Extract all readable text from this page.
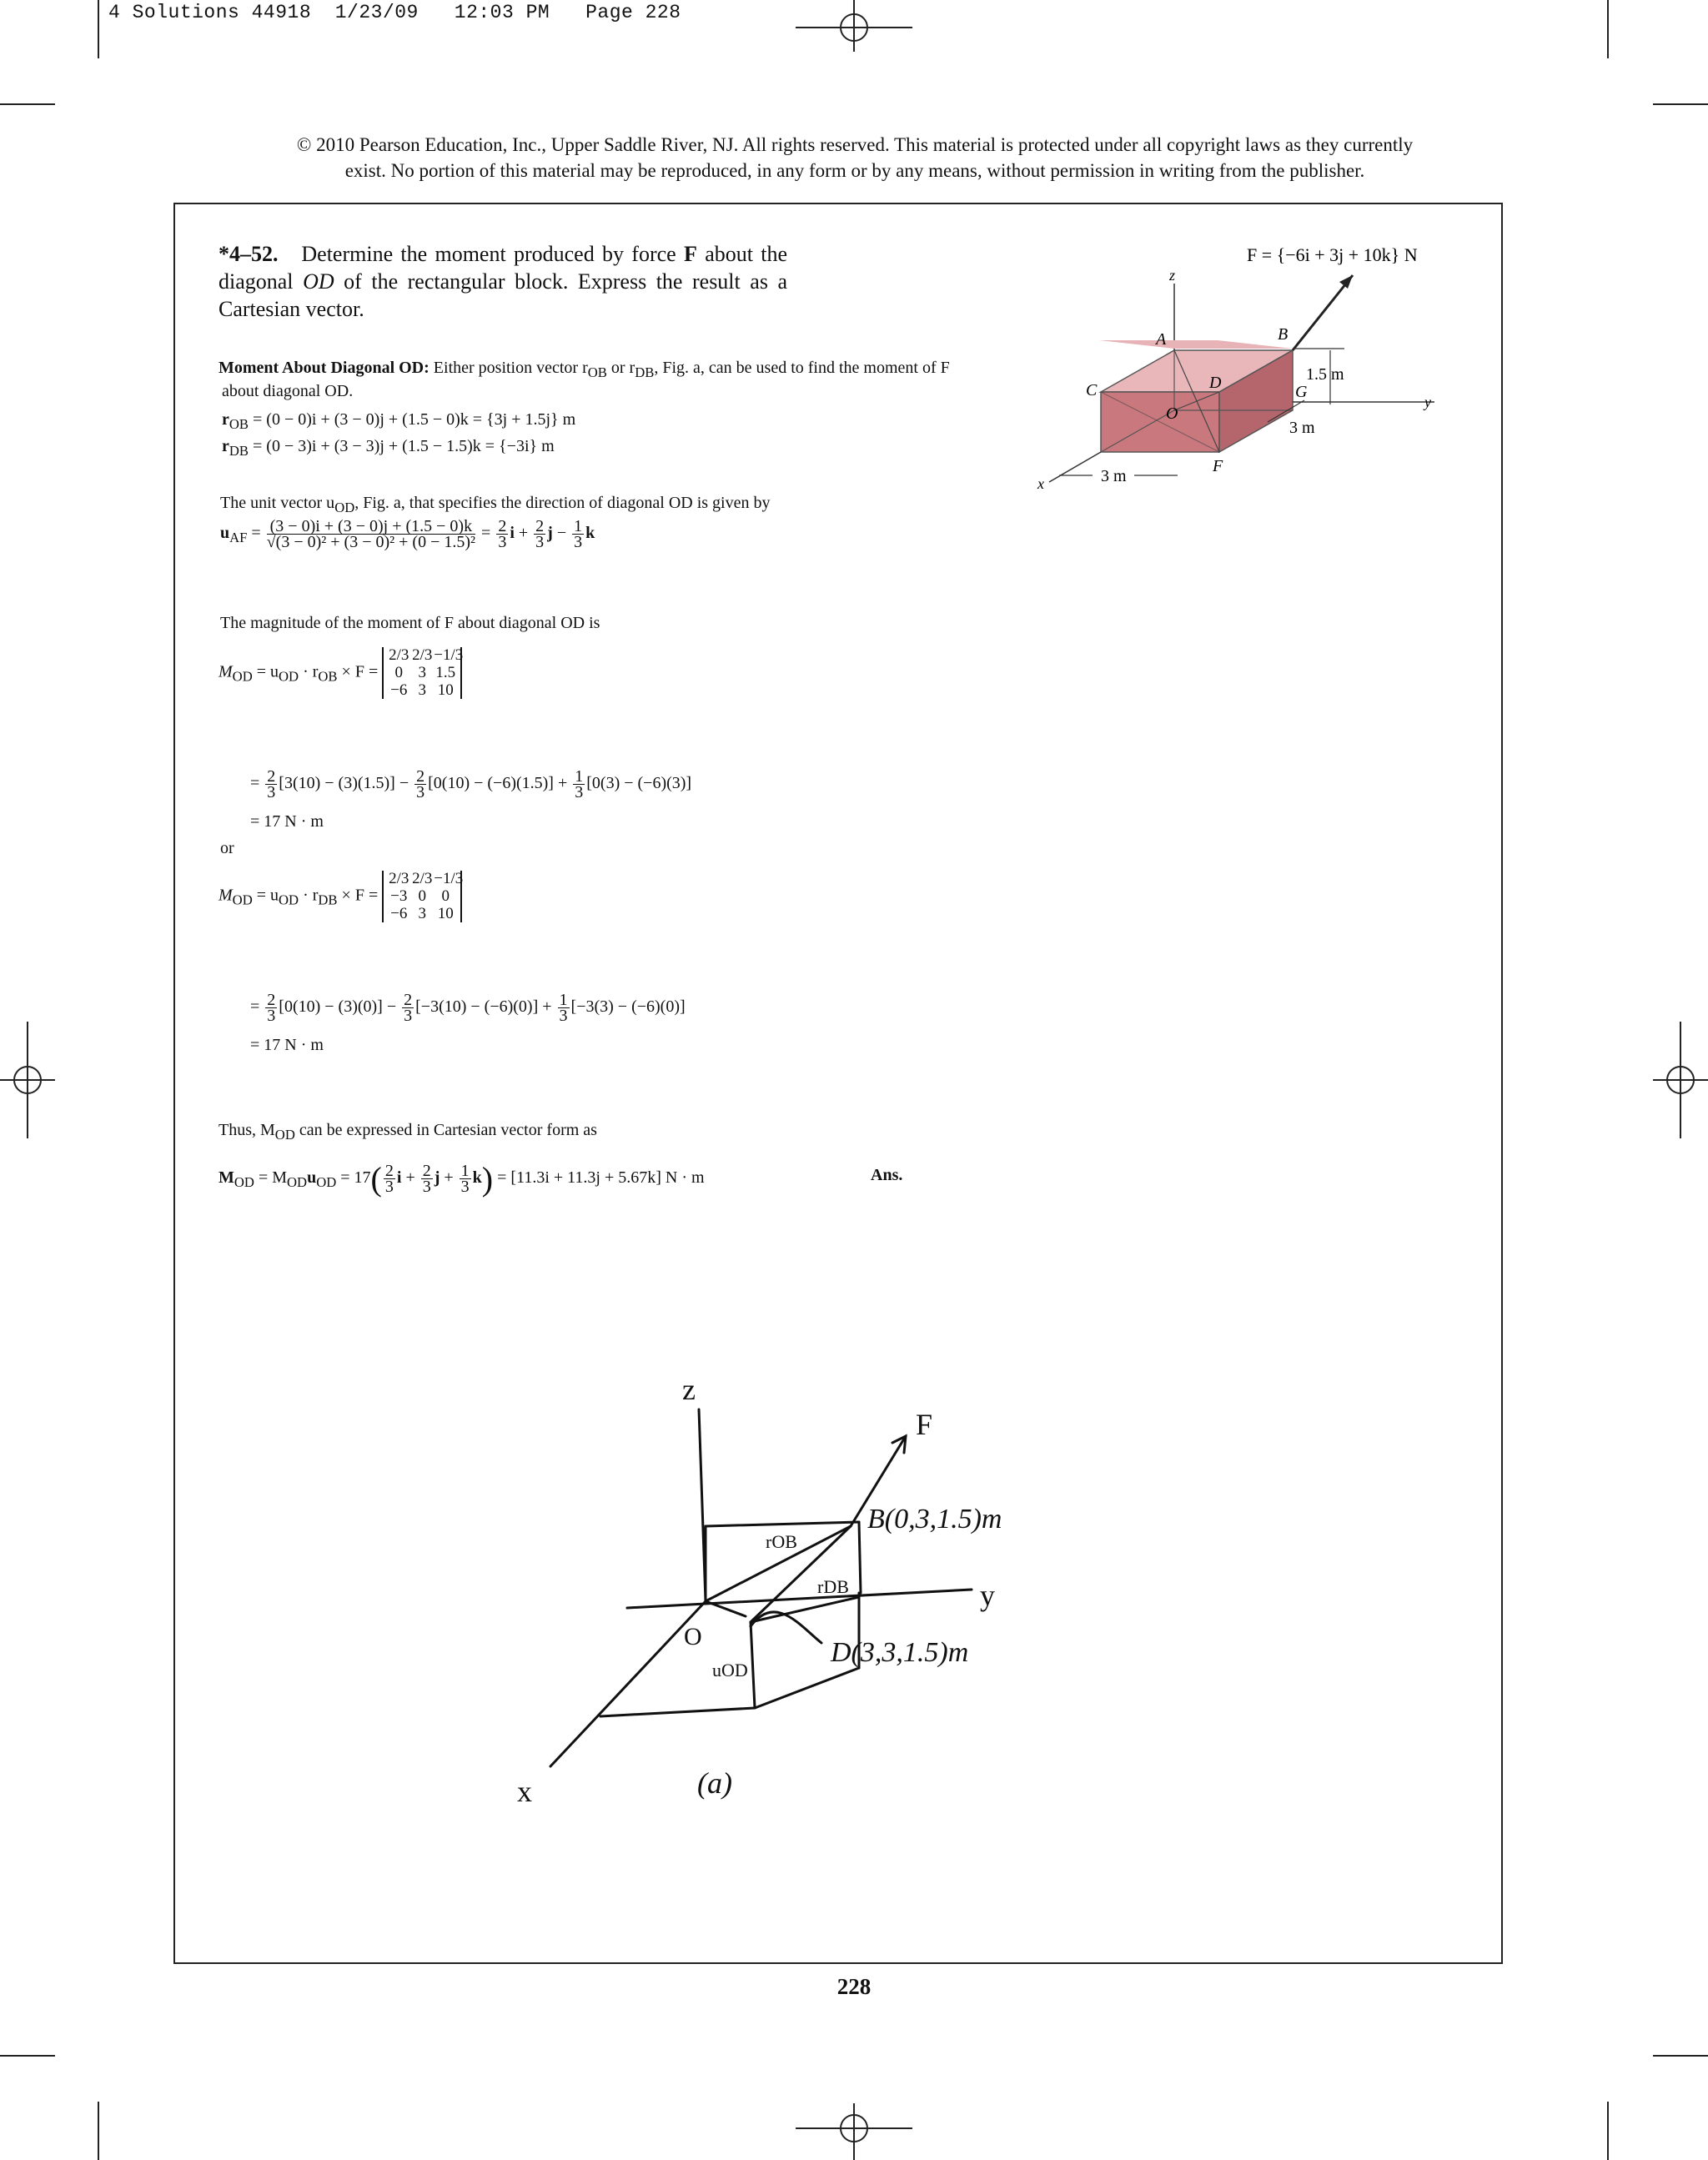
4 Solutions 44918  1/23/09   12:03 PM   Page 228
© 2010 Pearson Education, Inc., Upper Saddle River, NJ. All rights reserved. This material is protected under all copyright laws as they currently
exist. No portion of this material may be reproduced, in any form or by any means, without permission in writing from the publisher.
*4–52. Determine the moment produced by force F about the diagonal OD of the rectangular block. Express the result as a Cartesian vector.
F = {−6i + 3j + 10k} N
z
y
x
A	B
C	D
O
G
F
1.5 m
3 m
3 m
Moment About Diagonal OD: Either position vector $r_{OB}$ or $r_{DB}$, Fig. a, can be used to find the moment of F
about diagonal OD.
$r_{OB} = (0 - 0)i + (3 - 0)j + (1.5 - 0)k = \{3j + 1.5j\}$ m
$r_{DB} = (0 - 3)i + (3 - 3)j + (1.5 - 1.5)k = \{-3i\}$ m
The unit vector $u_{OD}$, Fig. a, that specifies the direction of diagonal OD is given by
$u_{AF} = \frac{(3 - 0)i + (3 - 0)j + (1.5 - 0)k}{\text{√(3 − 0)² + (3 − 0)² + (0 − 1.5)²}} = \frac{2}{3}$ $i + \frac{2}{3}$ $j - \frac{1}{3}$ k
The magnitude of the moment of F about diagonal OD is
$M_{OD} = u_{OD} \cdot r_{OB} \times F$ =
2/3 2/3 −1/3
0 3 1.5
−6 3 10
= $\frac{2}{3} [3(10) - (3)(1.5)] - \frac{2}{3} [0(10) - (-6)(1.5)] + \frac{1}{3} [0(3) - (-6)(3)]$
= 17 N · m
or
$M_{OD} = u_{OD} \cdot r_{DB} \times F$ =
2/3 2/3 −1/3
−3 0 0
−6 3 10
= $\frac{2}{3} [0(10) - (3)(0)] - \frac{2}{3} [-3(10) - (-6)(0)] + \frac{1}{3} [-3(3) - (-6)(0)]$
= 17 N · m
Thus, $M_{OD}$ can be expressed in Cartesian vector form as
$M_{OD} = M_{OD}u_{OD} = 17( \frac{2}{3}$ $i + \frac{2}{3}$ $j + \frac{1}{3} k) = [11.3i + 11.3j + 5.67k] N \cdot m$	Ans.
z
y
x
F
O
B(0,3,1.5)m
D(3,3,1.5)m
rOB
rDB
uOD
(a)
228
